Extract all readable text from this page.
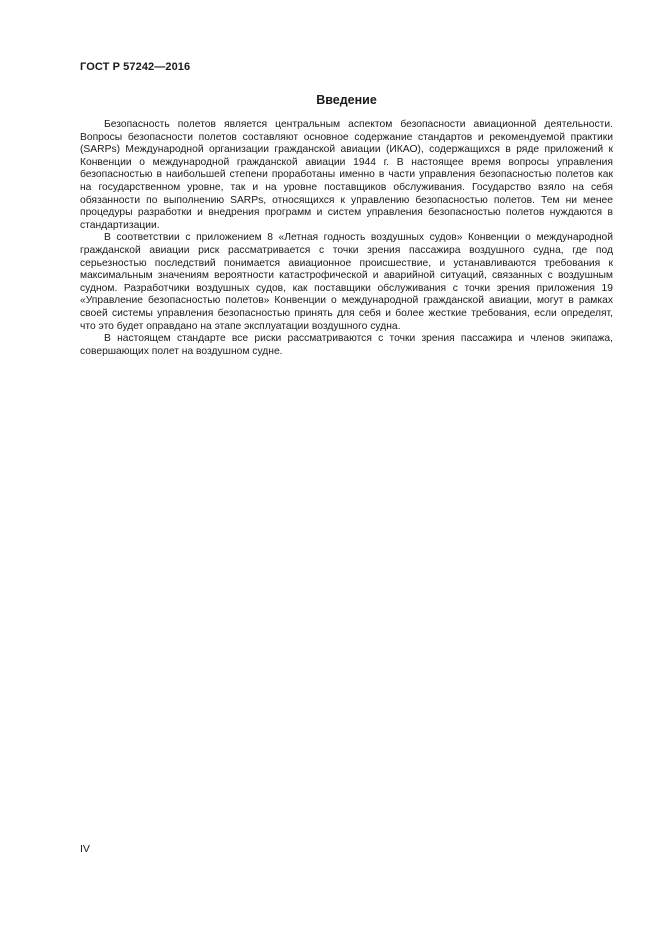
ГОСТ Р 57242—2016
Введение

Безопасность полетов является центральным аспектом безопасности авиационной деятельности. Вопросы безопасности полетов составляют основное содержание стандартов и рекомендуемой практики (SARPs) Международной организации гражданской авиации (ИКАО), содержащихся в ряде приложений к Конвенции о международной гражданской авиации 1944 г. В настоящее время вопросы управления безопасностью в наибольшей степени проработаны именно в части управления безопасностью полетов как на государственном уровне, так и на уровне поставщиков обслуживания. Государство взяло на себя обязанности по выполнению SARPs, относящихся к управлению безопасностью полетов. Тем ни менее процедуры разработки и внедрения программ и систем управления безопасностью полетов нуждаются в стандартизации.

В соответствии с приложением 8 «Летная годность воздушных судов» Конвенции о международной гражданской авиации риск рассматривается с точки зрения пассажира воздушного судна, где под серьезностью последствий понимается авиационное происшествие, и устанавливаются требования к максимальным значениям вероятности катастрофической и аварийной ситуаций, связанных с воздушным судном. Разработчики воздушных судов, как поставщики обслуживания с точки зрения приложения 19 «Управление безопасностью полетов» Конвенции о международной гражданской авиации, могут в рамках своей системы управления безопасностью принять для себя и более жесткие требования, если определят, что это будет оправдано на этапе эксплуатации воздушного судна.

В настоящем стандарте все риски рассматриваются с точки зрения пассажира и членов экипажа, совершающих полет на воздушном судне.

IV
